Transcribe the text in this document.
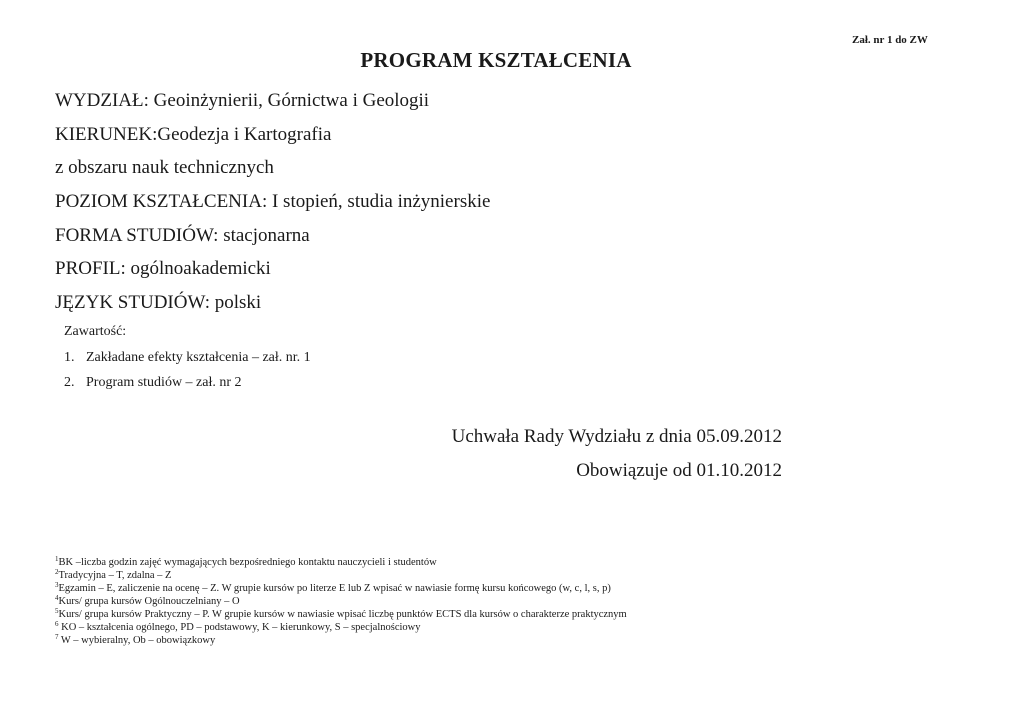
Zał. nr 1 do ZW
PROGRAM KSZTAŁCENIA
WYDZIAŁ: Geoinżynierii, Górnictwa i Geologii
KIERUNEK:Geodezja i Kartografia
z obszaru nauk technicznych
POZIOM KSZTAŁCENIA: I stopień, studia inżynierskie
FORMA STUDIÓW: stacjonarna
PROFIL: ogólnoakademicki
JĘZYK STUDIÓW: polski
Zawartość:
1. Zakładane efekty kształcenia – zał. nr. 1
2. Program studiów – zał. nr 2
Uchwała Rady Wydziału z dnia 05.09.2012
Obowiązuje od 01.10.2012
$^1$BK –liczba godzin zajęć wymagających bezpośredniego kontaktu nauczycieli i studentów
$^2$Tradycyjna – T, zdalna – Z
$^3$Egzamin – E, zaliczenie na ocenę – Z. W grupie kursów po literze E lub Z wpisać w nawiasie formę kursu końcowego (w, c, l, s, p)
$^4$Kurs/ grupa kursów Ogólnouczelniany – O
$^5$Kurs/ grupa kursów Praktyczny – P. W grupie kursów w nawiasie wpisać liczbę punktów ECTS dla kursów o charakterze praktycznym
$^6$ KO – kształcenia ogólnego, PD – podstawowy, K – kierunkowy, S – specjalnościowy
$^7$ W – wybieralny, Ob – obowiązkowy
